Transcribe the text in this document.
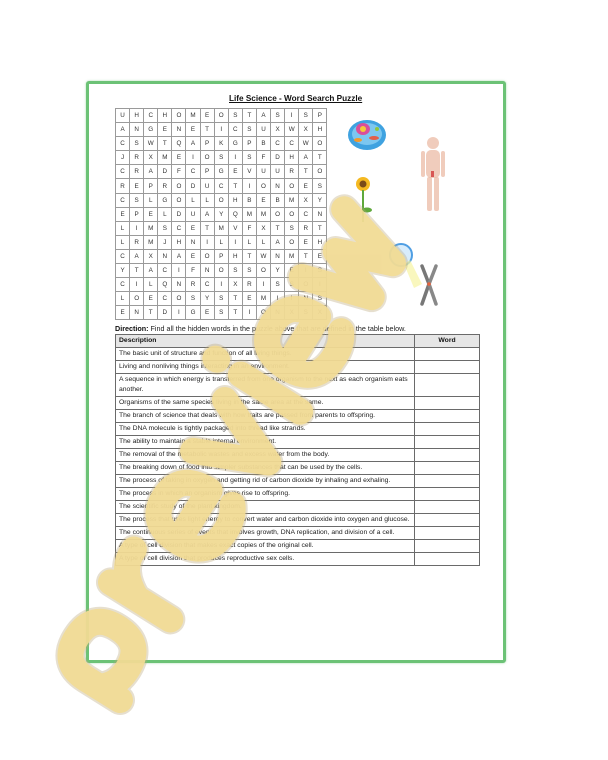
Life Science - Word Search Puzzle
U	H	C	H	O	M	E	O	S	T	A	S	I	S	P
A	N	G	E	N	E	T	I	C	S	U	X	W	X	H
C	S	W	T	Q	A	P	K	G	P	B	C	C	W	O
J	R	X	M	E	I	O	S	I	S	F	D	H	A	T
C	R	A	D	F	C	P	G	E	V	U	U	R	T	O
R	E	P	R	O	D	U	C	T	I	O	N	O	E	S
C	S	L	G	O	L	L	O	H	B	E	B	M	X	Y
E	P	E	L	D	U	A	Y	Q	M	M	O	O	C	N
L	I	M	S	C	E	T	M	V	F	X	T	S	R	T
L	R	M	J	H	N	I	L	I	L	L	A	O	E	H
C	A	X	N	A	E	O	P	H	T	W	N	M	T	E
Y	T	A	C	I	F	N	O	S	S	O	Y	E	I	S
C	I	L	Q	N	R	C	I	X	R	I	S	S	O	I
L	O	E	C	O	S	Y	S	T	E	M	I	I	N	S
E	N	T	D	I	G	E	S	T	I	O	N	X	S	X
Direction: Find all the hidden words in the puzzle above that are defined in the table below.
Description	Word
The basic unit of structure and function of all living things.	
Living and nonliving things interacting in an environment.	
A sequence in which energy is transferred from one organism to the next as each organism eats another.	
Organisms of the same species living in the same area at the same.	
The branch of science that deals with how traits are passed from parents to offspring.	
The DNA molecule is tightly packaged into thread like strands.	
The ability to maintain a stable internal environment.	
The removal of the metabolic wastes and excess water from the body.	
The breaking down of food into simpler substances that can be used by the cells.	
The process of taking in oxygen and getting rid of carbon dioxide by inhaling and exhaling.	
The process in which an organism gives rise to offspring.	
The scientific study of the plant kingdom.	
The process that uses light energy to convert water and carbon dioxide into oxygen and glucose.	
The continuous series of events that involves growth, DNA replication, and division of a cell.	
A type of cell division that makes exact copies of the original cell.	
A type of cell division that produces reproductive sex cells.	
